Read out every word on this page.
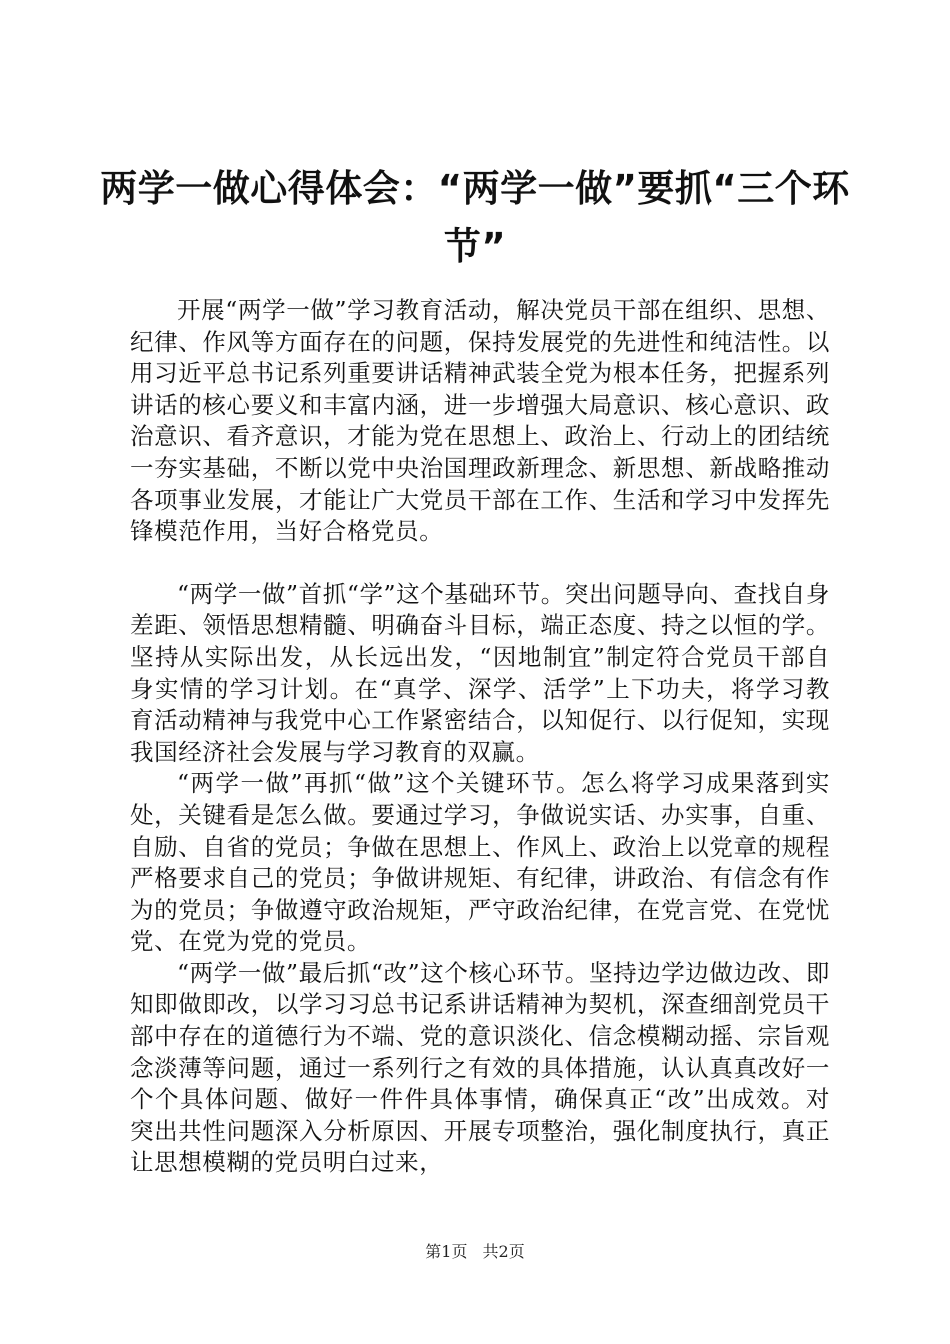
两学一做心得体会：“两学一做”要抓“三个环节”

开展“两学一做”学习教育活动，解决党员干部在组织、思想、纪律、作风等方面存在的问题，保持发展党的先进性和纯洁性。以用习近平总书记系列重要讲话精神武装全党为根本任务，把握系列讲话的核心要义和丰富内涵，进一步增强大局意识、核心意识、政治意识、看齐意识，才能为党在思想上、政治上、行动上的团结统一夯实基础，不断以党中央治国理政新理念、新思想、新战略推动各项事业发展，才能让广大党员干部在工作、生活和学习中发挥先锋模范作用，当好合格党员。

“两学一做”首抓“学”这个基础环节。突出问题导向、查找自身差距、领悟思想精髓、明确奋斗目标，端正态度、持之以恒的学。坚持从实际出发，从长远出发，“因地制宜”制定符合党员干部自身实情的学习计划。在“真学、深学、活学”上下功夫，将学习教育活动精神与我党中心工作紧密结合，以知促行、以行促知，实现我国经济社会发展与学习教育的双赢。

“两学一做”再抓“做”这个关键环节。怎么将学习成果落到实处，关键看是怎么做。要通过学习，争做说实话、办实事，自重、自励、自省的党员；争做在思想上、作风上、政治上以党章的规程严格要求自己的党员；争做讲规矩、有纪律，讲政治、有信念有作为的党员；争做遵守政治规矩，严守政治纪律，在党言党、在党忧党、在党为党的党员。

“两学一做”最后抓“改”这个核心环节。坚持边学边做边改、即知即做即改，以学习习总书记系讲话精神为契机，深查细剖党员干部中存在的道德行为不端、党的意识淡化、信念模糊动摇、宗旨观念淡薄等问题，通过一系列行之有效的具体措施，认认真真改好一个个具体问题、做好一件件具体事情，确保真正“改”出成效。对突出共性问题深入分析原因、开展专项整治，强化制度执行，真正让思想模糊的党员明白过来，

第1页 共2页
